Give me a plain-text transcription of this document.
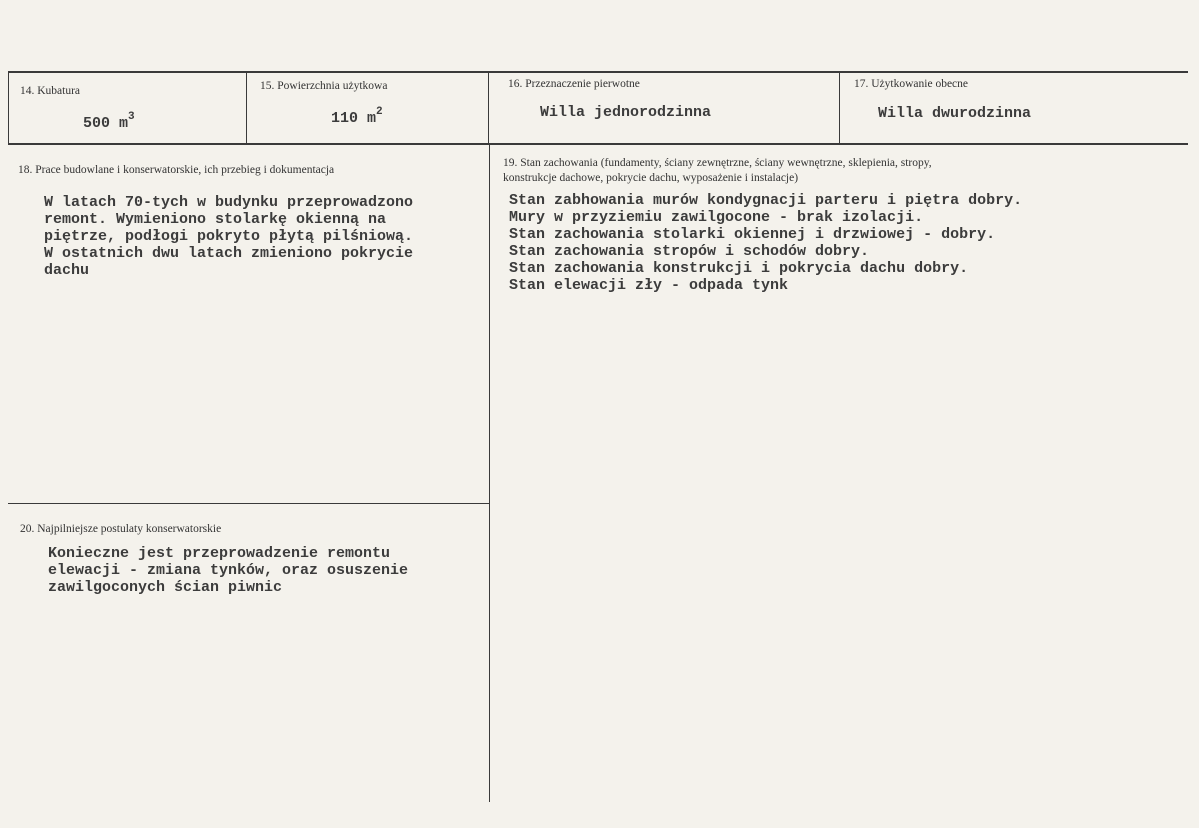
14. Kubatura
500 $m^3$
15. Powierzchnia użytkowa
110 $m^2$
16. Przeznaczenie pierwotne
Willa jednorodzinna
17. Użytkowanie obecne
Willa dwurodzinna
18. Prace budowlane i konserwatorskie, ich przebieg i dokumentacja
W latach 70-tych w budynku przeprowadzono
remont. Wymieniono stolarkę okienną na
piętrze, podłogi pokryto płytą pilśniową.
W ostatnich dwu latach zmieniono pokrycie
dachu
19. Stan zachowania (fundamenty, ściany zewnętrzne, ściany wewnętrzne, sklepienia, stropy,
konstrukcje dachowe, pokrycie dachu, wyposażenie i instalacje)
Stan zabhowania murów kondygnacji parteru i piętra dobry.
Mury w przyziemiu zawilgocone - brak izolacji.
Stan zachowania stolarki okiennej i drzwiowej - dobry.
Stan zachowania stropów i schodów dobry.
Stan zachowania konstrukcji i pokrycia dachu dobry.
Stan elewacji zły - odpada tynk
20. Najpilniejsze postulaty konserwatorskie
Konieczne jest przeprowadzenie remontu
elewacji - zmiana tynków, oraz osuszenie
zawilgoconych ścian piwnic
